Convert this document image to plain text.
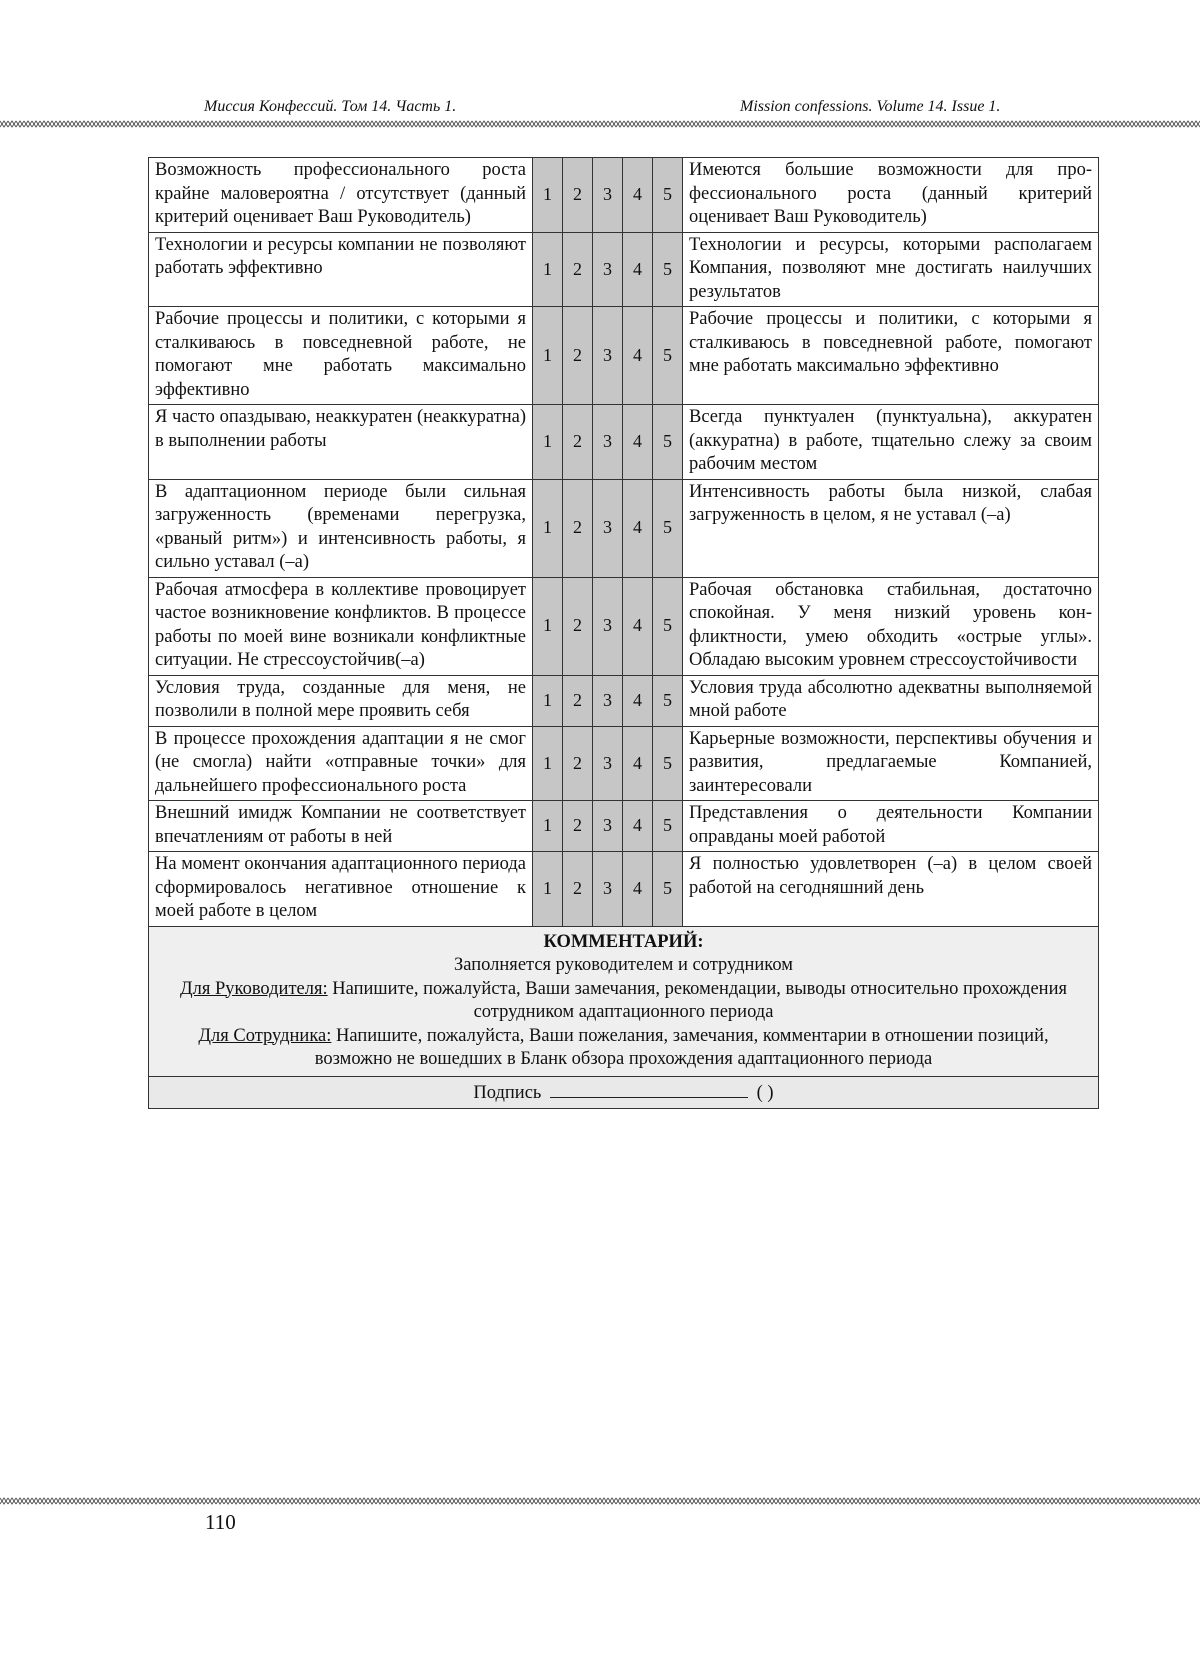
Миссия Конфессий. Том 14. Часть 1.	Mission confessions. Volume 14. Issue 1.
Возможность профессионального роста крайне маловероятна / отсутствует (данный критерий оценивает Ваш Руководитель)	1	2	3	4	5	Имеются большие возможности для профессионального роста (данный критерий оценивает Ваш Руководитель)
Технологии и ресурсы компании не позволяют работать эффективно	1	2	3	4	5	Технологии и ресурсы, которыми располагаем Компания, позволяют мне достигать наилучших результатов
Рабочие процессы и политики, с которыми я сталкиваюсь в повседневной работе, не помогают мне работать максимально эффективно	1	2	3	4	5	Рабочие процессы и политики, с которыми я сталкиваюсь в повседневной работе, помогают мне работать максимально эффективно
Я часто опаздываю, неаккуратен (неаккуратна) в выполнении работы	1	2	3	4	5	Всегда пунктуален (пунктуальна), аккуратен (аккуратна) в работе, тщательно слежу за своим рабочим местом
В адаптационном периоде были сильная загруженность (временами перегрузка, «рваный ритм») и интенсивность работы, я сильно уставал (–а)	1	2	3	4	5	Интенсивность работы была низкой, слабая загруженность в целом, я не уставал (–а)
Рабочая атмосфера в коллективе провоцирует частое возникновение конфликтов. В процессе работы по моей вине возникали конфликтные ситуации. Не стрессоустойчив(–а)	1	2	3	4	5	Рабочая обстановка стабильная, достаточно спокойная. У меня низкий уровень конфликтности, умею обходить «острые углы». Обладаю высоким уровнем стрессоустойчивости
Условия труда, созданные для меня, не позволили в полной мере проявить себя	1	2	3	4	5	Условия труда абсолютно адекватны выполняемой мной работе
В процессе прохождения адаптации я не смог (не смогла) найти «отправные точки» для дальнейшего профессионального роста	1	2	3	4	5	Карьерные возможности, перспективы обучения и развития, предлагаемые Компанией, заинтересовали
Внешний имидж Компании не соответствует впечатлениям от работы в ней	1	2	3	4	5	Представления о деятельности Компании оправданы моей работой
На момент окончания адаптационного периода сформировалось негативное отношение к моей работе в целом	1	2	3	4	5	Я полностью удовлетворен (–а) в целом своей работой на сегодняшний день

КОММЕНТАРИЙ:
Заполняется руководителем и сотрудником
Для Руководителя: Напишите, пожалуйста, Ваши замечания, рекомендации, выводы относительно прохождения сотрудником адаптационного периода
Для Сотрудника: Напишите, пожалуйста, Ваши пожелания, замечания, комментарии в отношении позиций, возможно не вошедших в Бланк обзора прохождения адаптационного периода						

Подпись ( )						
110
